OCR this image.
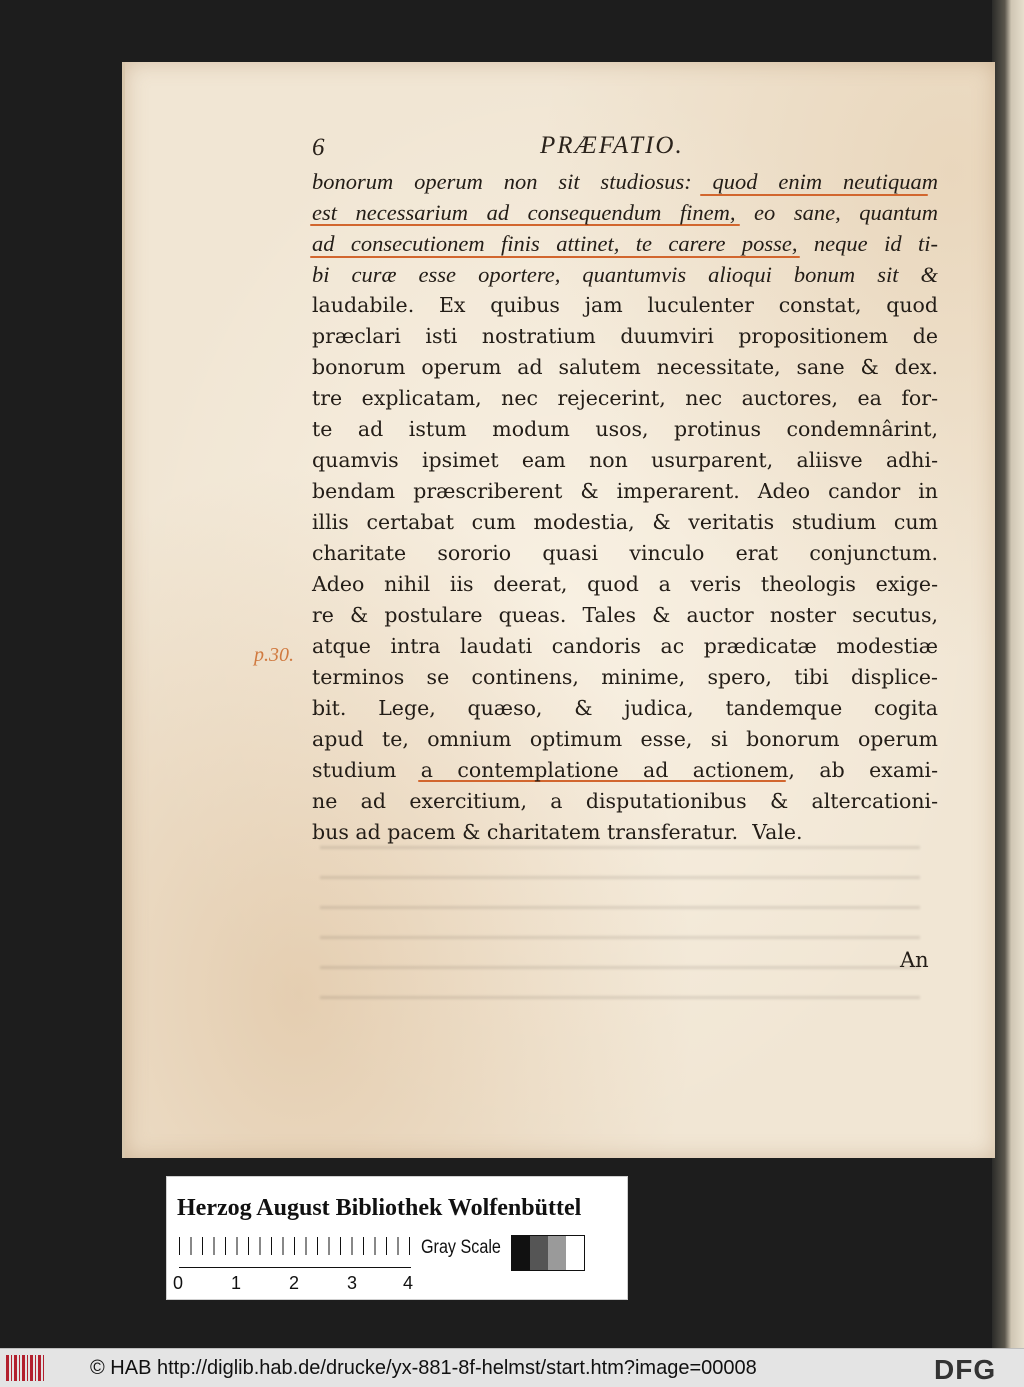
6	PRÆFATIO.
bonorum operum non sit studiosus: quod enim neutiquam
est necessarium ad consequendum finem, eo sane, quantum
ad consecutionem finis attinet, te carere posse, neque id ti-
bi curæ esse oportere, quantumvis alioqui bonum sit &
laudabile. Ex quibus jam luculenter constat, quod
præclari isti nostratium duumviri propositionem de
bonorum operum ad salutem necessitate, sane & dex.
tre explicatam, nec rejecerint, nec auctores, ea for-
te ad istum modum usos, protinus condemnârint,
quamvis ipsimet eam non usurparent, aliisve adhi-
bendam præscriberent & imperarent. Adeo candor in
illis certabat cum modestia, & veritatis studium cum
charitate sororio quasi vinculo erat conjunctum.
Adeo nihil iis deerat, quod a veris theologis exige-
re & postulare queas. Tales & auctor noster secutus,
atque intra laudati candoris ac prædicatæ modestiæ
terminos se continens, minime, spero, tibi displice-
bit. Lege, quæso, & judica, tandemque cogita
apud te, omnium optimum esse, si bonorum operum
studium a contemplatione ad actionem, ab exami-
ne ad exercitium, a disputationibus & altercationi-
bus ad pacem & charitatem transferatur. Vale.
p.30.
An
Herzog August Bibliothek Wolfenbüttel
0	1	2	3	4
Gray Scale
© HAB http://diglib.hab.de/drucke/yx-881-8f-helmst/start.htm?image=00008	DFG
